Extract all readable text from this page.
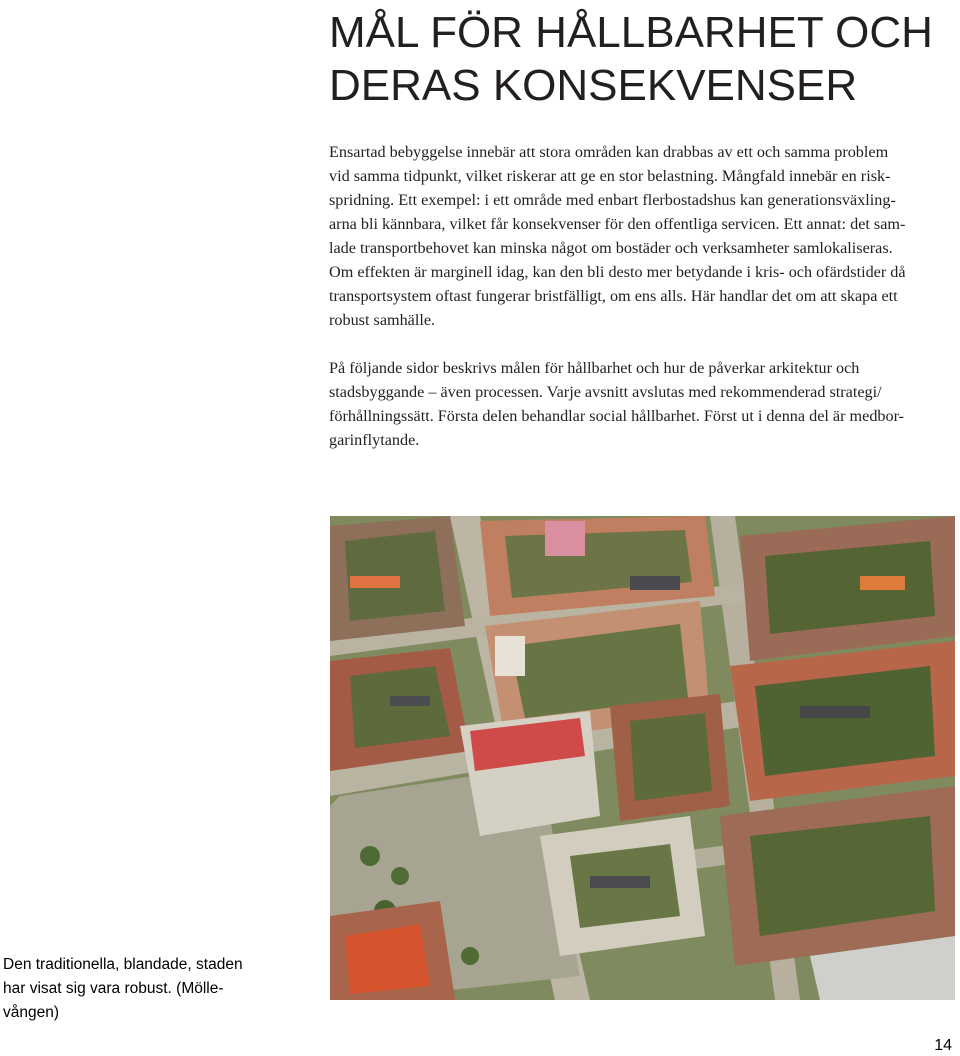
MÅL FÖR HÅLLBARHET OCH
DERAS KONSEKVENSER
Ensartad bebyggelse innebär att stora områden kan drabbas av ett och samma problem
vid samma tidpunkt, vilket riskerar att ge en stor belastning. Mångfald innebär en risk-
spridning. Ett exempel: i ett område med enbart flerbostadshus kan generationsväxling-
arna bli kännbara, vilket får konsekvenser för den offentliga servicen. Ett annat: det sam-
lade transportbehovet kan minska något om bostäder och verksamheter samlokaliseras.
Om effekten är marginell idag, kan den bli desto mer betydande i kris- och ofärdstider då
transportsystem oftast fungerar bristfälligt, om ens alls. Här handlar det om att skapa ett
robust samhälle.
På följande sidor beskrivs målen för hållbarhet och hur de påverkar arkitektur och
stadsbyggande – även processen. Varje avsnitt avslutas med rekommenderad strategi/
förhållningssätt. Första delen behandlar social hållbarhet. Först ut i denna del är medbor-
garinflytande.
Den traditionella, blandade, staden
har visat sig vara robust. (Mölle-
vången)
14
